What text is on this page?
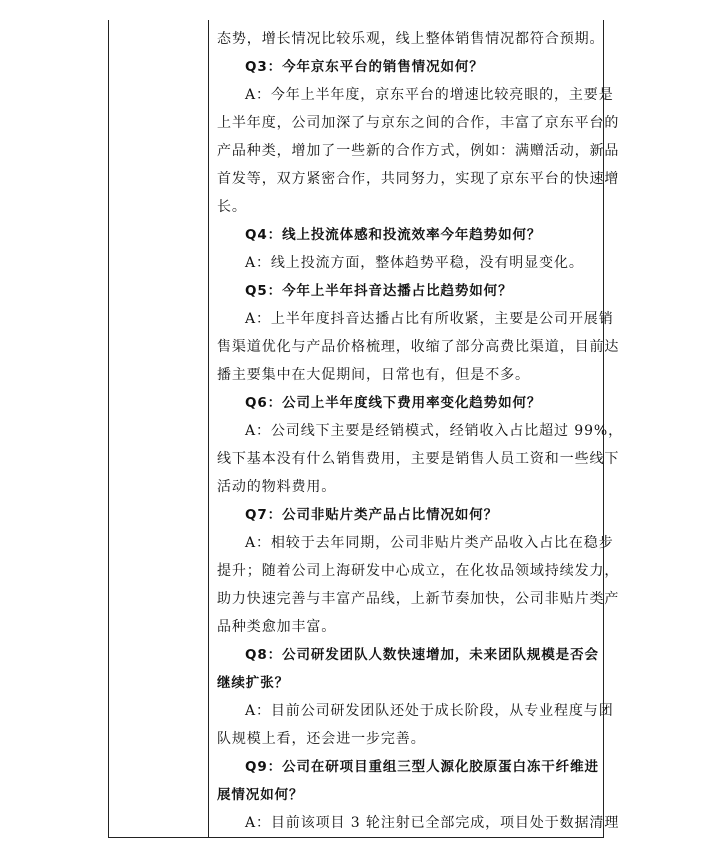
态势，增长情况比较乐观，线上整体销售情况都符合预期。
Q3：今年京东平台的销售情况如何？
A：今年上半年度，京东平台的增速比较亮眼的，主要是
上半年度，公司加深了与京东之间的合作，丰富了京东平台的
产品种类，增加了一些新的合作方式，例如：满赠活动，新品
首发等，双方紧密合作，共同努力，实现了京东平台的快速增
长。
Q4：线上投流体感和投流效率今年趋势如何？
A：线上投流方面，整体趋势平稳，没有明显变化。
Q5：今年上半年抖音达播占比趋势如何？
A：上半年度抖音达播占比有所收紧，主要是公司开展销
售渠道优化与产品价格梳理，收缩了部分高费比渠道，目前达
播主要集中在大促期间，日常也有，但是不多。
Q6：公司上半年度线下费用率变化趋势如何？
A：公司线下主要是经销模式，经销收入占比超过 99%，
线下基本没有什么销售费用，主要是销售人员工资和一些线下
活动的物料费用。
Q7：公司非贴片类产品占比情况如何？
A：相较于去年同期，公司非贴片类产品收入占比在稳步
提升；随着公司上海研发中心成立，在化妆品领域持续发力，
助力快速完善与丰富产品线，上新节奏加快，公司非贴片类产
品种类愈加丰富。
Q8：公司研发团队人数快速增加，未来团队规模是否会
继续扩张？
A：目前公司研发团队还处于成长阶段，从专业程度与团
队规模上看，还会进一步完善。
Q9：公司在研项目重组三型人源化胶原蛋白冻干纤维进
展情况如何？
A：目前该项目 3 轮注射已全部完成，项目处于数据清理
